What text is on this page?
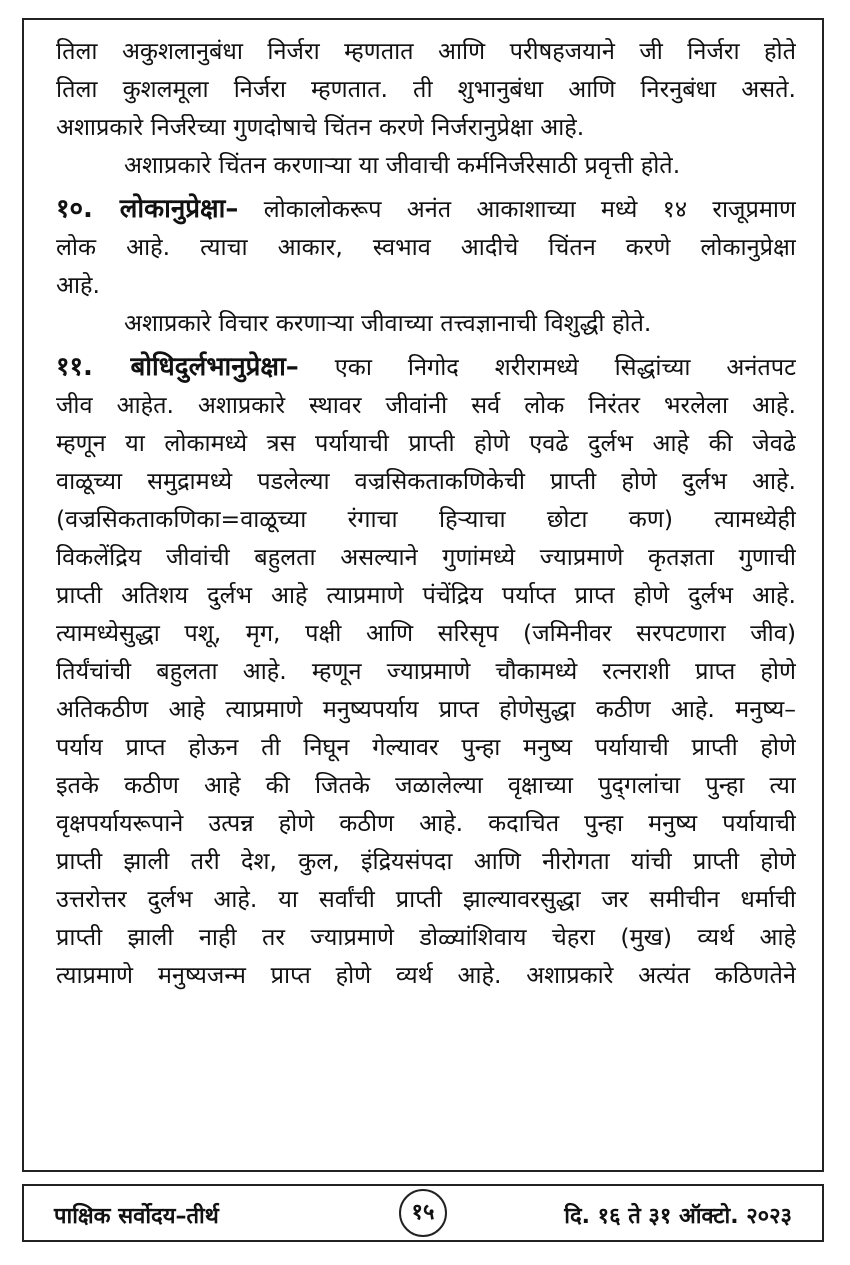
तिला अकुशलानुबंधा निर्जरा म्हणतात आणि परीषहजयाने जी निर्जरा होते
तिला कुशलमूला निर्जरा म्हणतात. ती शुभानुबंधा आणि निरनुबंधा असते.
अशाप्रकारे निर्जरेच्या गुणदोषाचे चिंतन करणे निर्जरानुप्रेक्षा आहे.
अशाप्रकारे चिंतन करणाऱ्या या जीवाची कर्मनिर्जरेसाठी प्रवृत्ती होते.
१०. लोकानुप्रेक्षा– लोकालोकरूप अनंत आकाशाच्या मध्ये १४ राजूप्रमाण
लोक आहे. त्याचा आकार, स्वभाव आदीचे चिंतन करणे लोकानुप्रेक्षा
आहे.
अशाप्रकारे विचार करणाऱ्या जीवाच्या तत्त्वज्ञानाची विशुद्धी होते.
११. बोधिदुर्लभानुप्रेक्षा– एका निगोद शरीरामध्ये सिद्धांच्या अनंतपट
जीव आहेत. अशाप्रकारे स्थावर जीवांनी सर्व लोक निरंतर भरलेला आहे.
म्हणून या लोकामध्ये त्रस पर्यायाची प्राप्ती होणे एवढे दुर्लभ आहे की जेवढे
वाळूच्या समुद्रामध्ये पडलेल्या वज्रसिकताकणिकेची प्राप्ती होणे दुर्लभ आहे.
(वज्रसिकताकणिका=वाळूच्या रंगाचा हिऱ्याचा छोटा कण) त्यामध्येही
विकलेंद्रिय जीवांची बहुलता असल्याने गुणांमध्ये ज्याप्रमाणे कृतज्ञता गुणाची
प्राप्ती अतिशय दुर्लभ आहे त्याप्रमाणे पंचेंद्रिय पर्याप्त प्राप्त होणे दुर्लभ आहे.
त्यामध्येसुद्धा पशू, मृग, पक्षी आणि सरिसृप (जमिनीवर सरपटणारा जीव)
तिर्यंचांची बहुलता आहे. म्हणून ज्याप्रमाणे चौकामध्ये रत्नराशी प्राप्त होणे
अतिकठीण आहे त्याप्रमाणे मनुष्यपर्याय प्राप्त होणेसुद्धा कठीण आहे. मनुष्य–
पर्याय प्राप्त होऊन ती निघून गेल्यावर पुन्हा मनुष्य पर्यायाची प्राप्ती होणे
इतके कठीण आहे की जितके जळालेल्या वृक्षाच्या पुद्‌गलांचा पुन्हा त्या
वृक्षपर्यायरूपाने उत्पन्न होणे कठीण आहे. कदाचित पुन्हा मनुष्य पर्यायाची
प्राप्ती झाली तरी देश, कुल, इंद्रियसंपदा आणि नीरोगता यांची प्राप्ती होणे
उत्तरोत्तर दुर्लभ आहे. या सर्वांची प्राप्ती झाल्यावरसुद्धा जर समीचीन धर्माची
प्राप्ती झाली नाही तर ज्याप्रमाणे डोळ्यांशिवाय चेहरा (मुख) व्यर्थ आहे
त्याप्रमाणे मनुष्यजन्म प्राप्त होणे व्यर्थ आहे. अशाप्रकारे अत्यंत कठिणतेने
पाक्षिक सर्वोदय–तीर्थ	१५	दि. १६ ते ३१ ऑक्टो. २०२३
